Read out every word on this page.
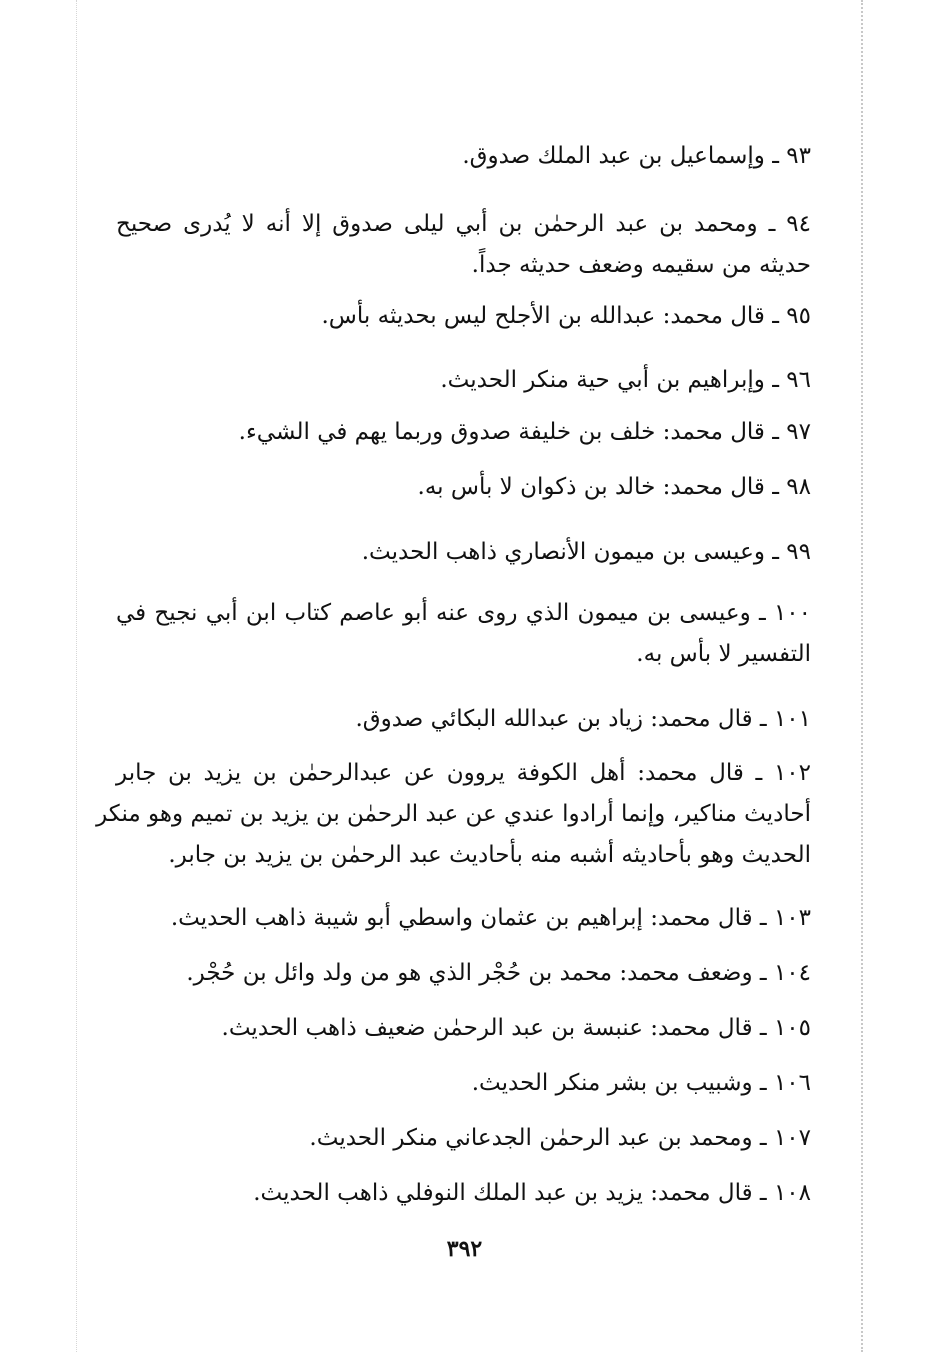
٩٣ ـ وإسماعيل بن عبد الملك صدوق.
٩٤ ـ ومحمد بن عبد الرحمٰن بن أبي ليلى صدوق إلا أنه لا يُدرى صحيح
حديثه من سقيمه وضعف حديثه جداً.
٩٥ ـ قال محمد: عبدالله بن الأجلح ليس بحديثه بأس.
٩٦ ـ وإبراهيم بن أبي حية منكر الحديث.
٩٧ ـ قال محمد: خلف بن خليفة صدوق وربما يهم في الشيء.
٩٨ ـ قال محمد: خالد بن ذكوان لا بأس به.
٩٩ ـ وعيسى بن ميمون الأنصاري ذاهب الحديث.
١٠٠ ـ وعيسى بن ميمون الذي روى عنه أبو عاصم كتاب ابن أبي نجيح في
التفسير لا بأس به.
١٠١ ـ قال محمد: زياد بن عبدالله البكائي صدوق.
١٠٢ ـ قال محمد: أهل الكوفة يروون عن عبدالرحمٰن بن يزيد بن جابر
أحاديث مناكير، وإنما أرادوا عندي عن عبد الرحمٰن بن يزيد بن تميم وهو منكر
الحديث وهو بأحاديثه أشبه منه بأحاديث عبد الرحمٰن بن يزيد بن جابر.
١٠٣ ـ قال محمد: إبراهيم بن عثمان واسطي أبو شيبة ذاهب الحديث.
١٠٤ ـ وضعف محمد: محمد بن حُجْر الذي هو من ولد وائل بن حُجْر.
١٠٥ ـ قال محمد: عنبسة بن عبد الرحمٰن ضعيف ذاهب الحديث.
١٠٦ ـ وشبيب بن بشر منكر الحديث.
١٠٧ ـ ومحمد بن عبد الرحمٰن الجدعاني منكر الحديث.
١٠٨ ـ قال محمد: يزيد بن عبد الملك النوفلي ذاهب الحديث.
٣٩٢
